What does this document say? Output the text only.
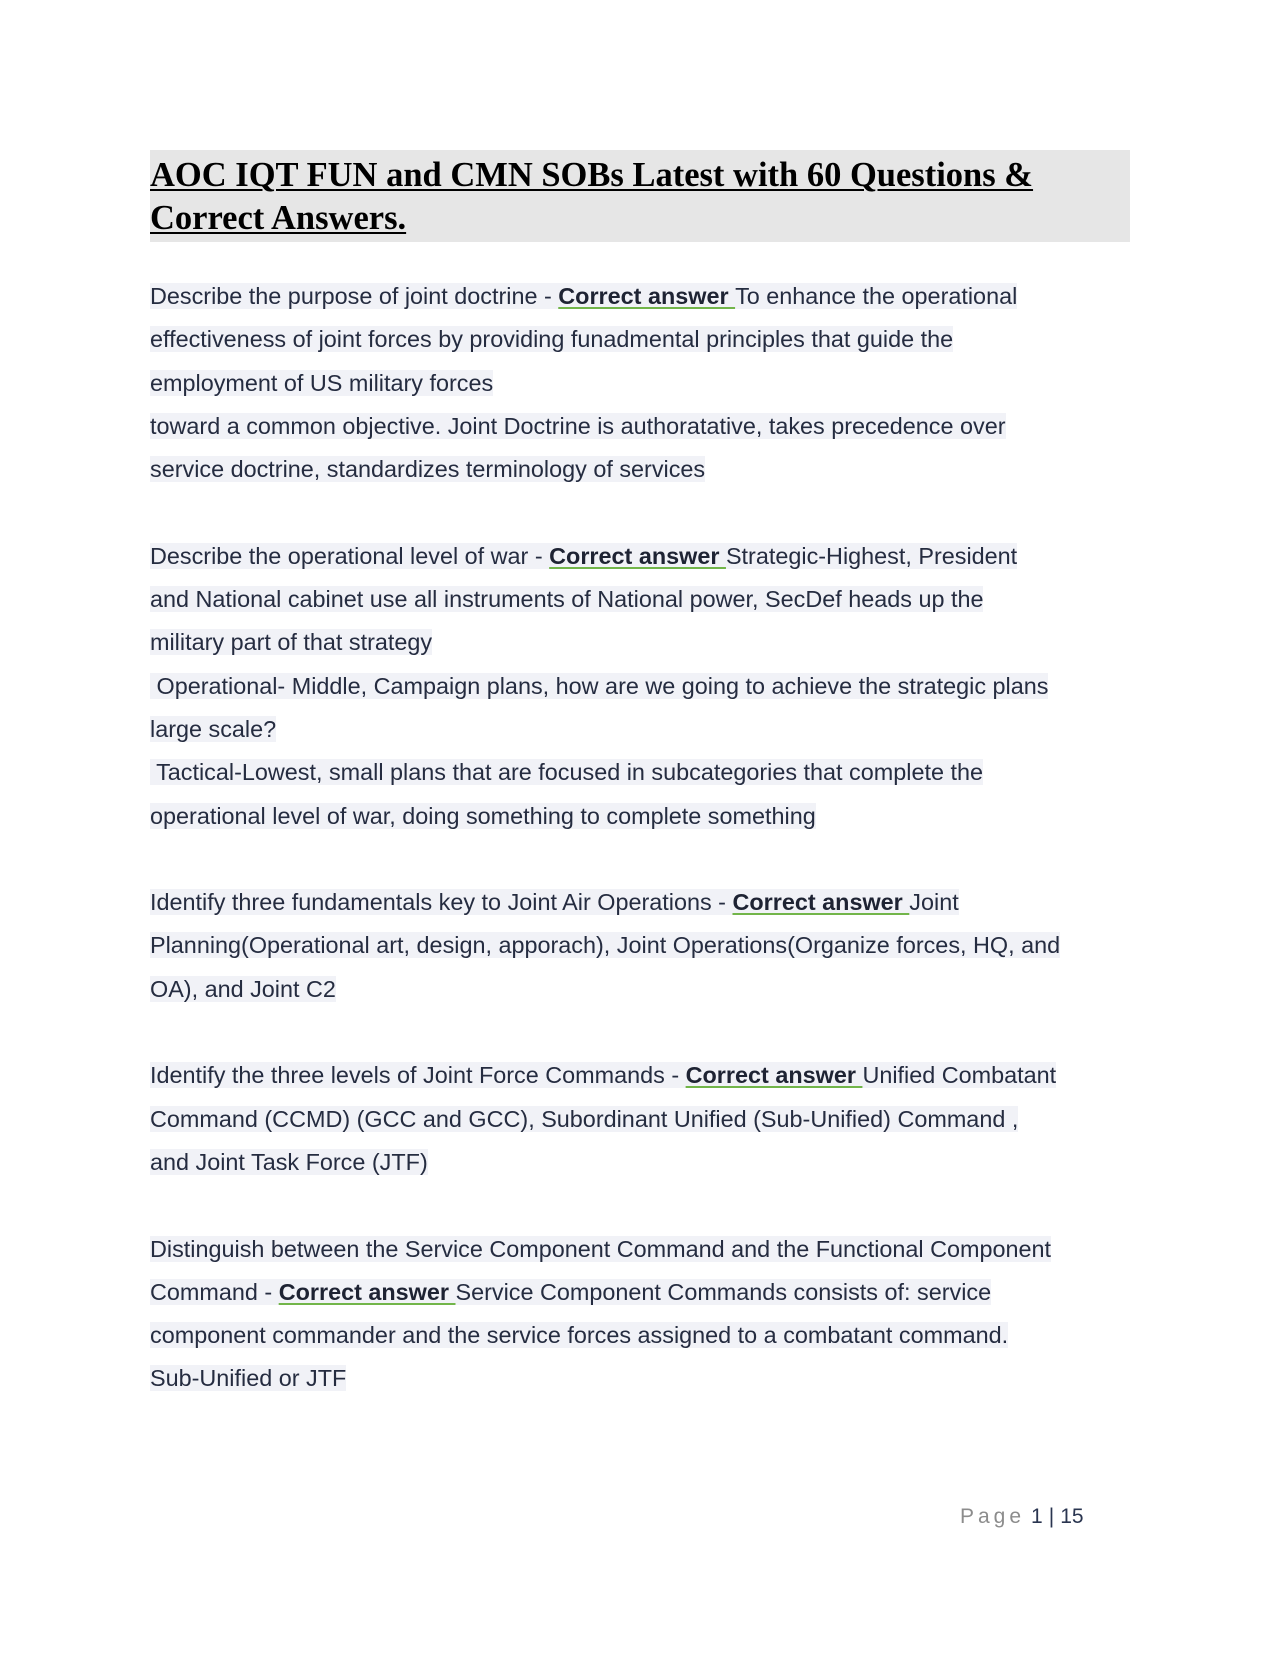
AOC IQT FUN and CMN SOBs Latest with 60 Questions &
Correct Answers.
Describe the purpose of joint doctrine - Correct answer To enhance the operational
effectiveness of joint forces by providing funadmental principles that guide the
employment of US military forces
toward a common objective. Joint Doctrine is authoratative, takes precedence over
service doctrine, standardizes terminology of services
Describe the operational level of war - Correct answer Strategic-Highest, President
and National cabinet use all instruments of National power, SecDef heads up the
military part of that strategy
Operational- Middle, Campaign plans, how are we going to achieve the strategic plans
large scale?
Tactical-Lowest, small plans that are focused in subcategories that complete the
operational level of war, doing something to complete something
Identify three fundamentals key to Joint Air Operations - Correct answer Joint
Planning(Operational art, design, apporach), Joint Operations(Organize forces, HQ, and
OA), and Joint C2
Identify the three levels of Joint Force Commands - Correct answer Unified Combatant
Command (CCMD) (GCC and GCC), Subordinant Unified (Sub-Unified) Command ,
and Joint Task Force (JTF)
Distinguish between the Service Component Command and the Functional Component
Command - Correct answer Service Component Commands consists of: service
component commander and the service forces assigned to a combatant command.
Sub-Unified or JTF
Page 1 | 15
